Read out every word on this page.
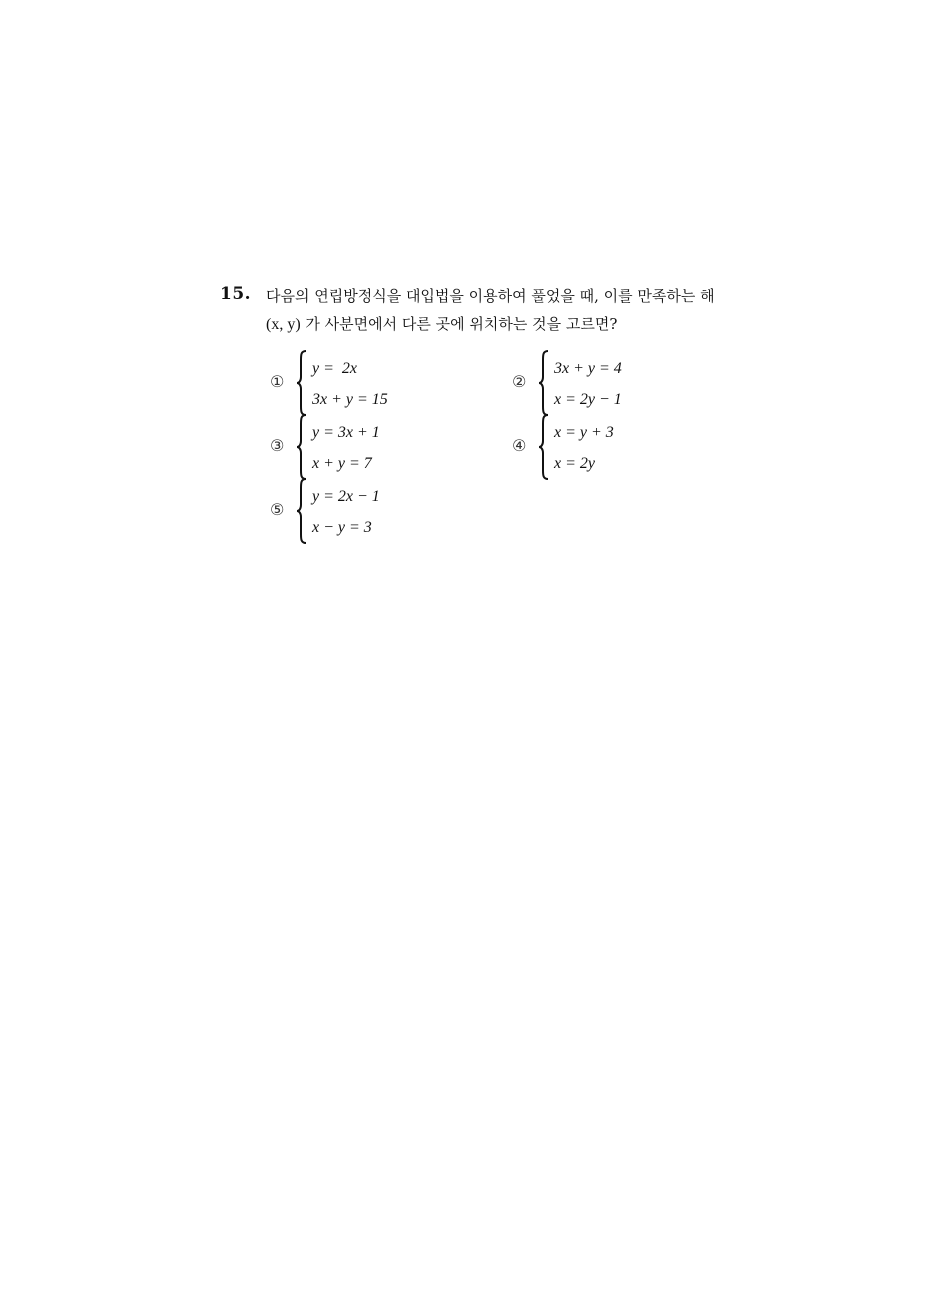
15. 다음의 연립방정식을 대입법을 이용하여 풀었을 때, 이를 만족하는 해
(x, y) 가 사분면에서 다른 곳에 위치하는 것을 고르면?
①
y =  2x
3x + y = 15
②
3x + y = 4
x = 2y − 1
③
y = 3x + 1
x + y = 7
④
x = y + 3
x = 2y
⑤
y = 2x − 1
x − y = 3
